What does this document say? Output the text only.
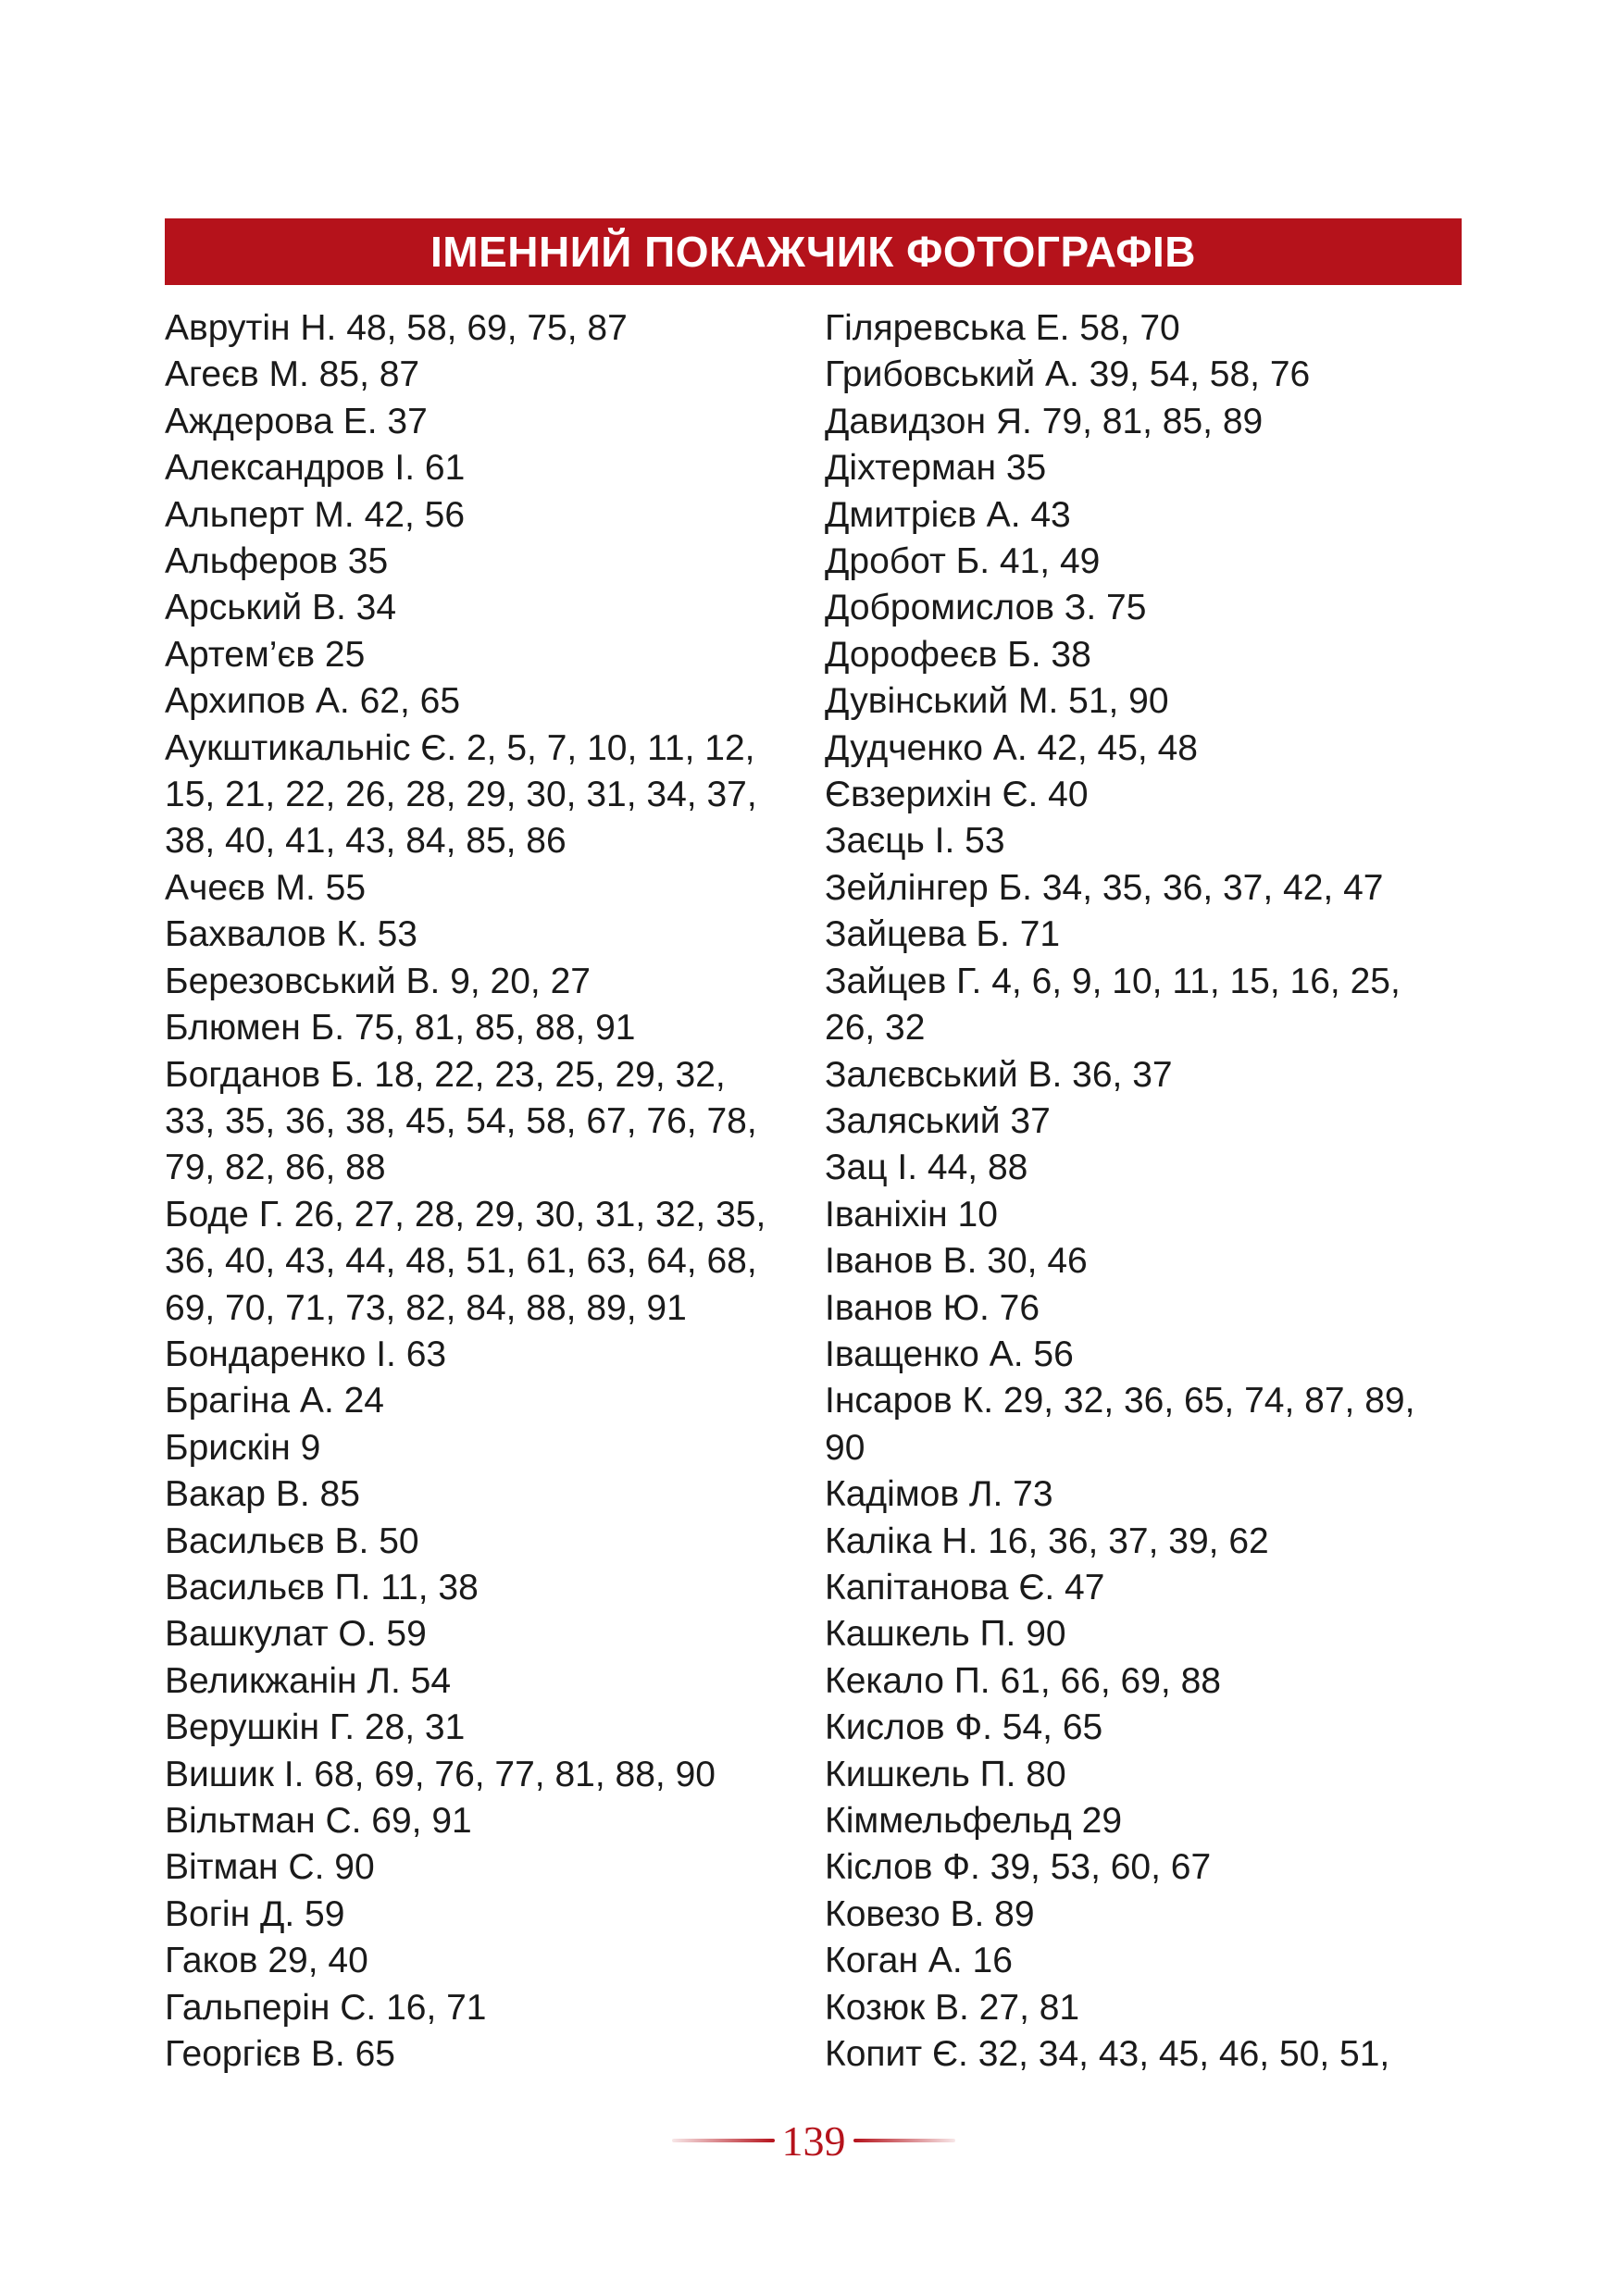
ІМЕННИЙ ПОКАЖЧИК ФОТОГРАФІВ
Аврутін Н. 48, 58, 69, 75, 87
Агеєв М. 85, 87
Аждерова Е. 37
Александров І. 61
Альперт М. 42, 56
Альферов 35
Арський В. 34
Артем’єв 25
Архипов А. 62, 65
Аукштикальніс Є. 2, 5, 7, 10, 11, 12,
15, 21, 22, 26, 28, 29, 30, 31, 34, 37,
38, 40, 41, 43, 84, 85, 86
Ачеєв М. 55
Бахвалов К. 53
Березовський В. 9, 20, 27
Блюмен Б. 75, 81, 85, 88, 91
Богданов Б. 18, 22, 23, 25, 29, 32,
33, 35, 36, 38, 45, 54, 58, 67, 76, 78,
79, 82, 86, 88
Боде Г. 26, 27, 28, 29, 30, 31, 32, 35,
36, 40, 43, 44, 48, 51, 61, 63, 64, 68,
69, 70, 71, 73, 82, 84, 88, 89, 91
Бондаренко І. 63
Брагіна А. 24
Брискін 9
Вакар В. 85
Васильєв В. 50
Васильєв П. 11, 38
Вашкулат О. 59
Великжанін Л. 54
Верушкін Г. 28, 31
Вишик І. 68, 69, 76, 77, 81, 88, 90
Вільтман С. 69, 91
Вітман С. 90
Вогін Д. 59
Гаков 29, 40
Гальперін С. 16, 71
Георгієв В. 65
Гіляревська Е. 58, 70
Грибовський А. 39, 54, 58, 76
Давидзон Я. 79, 81, 85, 89
Діхтерман 35
Дмитрієв А. 43
Дробот Б. 41, 49
Добромислов З. 75
Дорофеєв Б. 38
Дувінський М. 51, 90
Дудченко А. 42, 45, 48
Євзерихін Є. 40
Заєць І. 53
Зейлінгер Б. 34, 35, 36, 37, 42, 47
Зайцева Б. 71
Зайцев Г. 4, 6, 9, 10, 11, 15, 16, 25,
26, 32
Залєвський В. 36, 37
Заляський 37
Зац І. 44, 88
Іваніхін 10
Іванов В. 30, 46
Іванов Ю. 76
Іващенко А. 56
Інсаров К. 29, 32, 36, 65, 74, 87, 89,
90
Кадімов Л. 73
Каліка Н. 16, 36, 37, 39, 62
Капітанова Є. 47
Кашкель П. 90
Кекало П. 61, 66, 69, 88
Кислов Ф. 54, 65
Кишкель П. 80
Кіммельфельд 29
Кіслов Ф. 39, 53, 60, 67
Ковезо В. 89
Коган А. 16
Козюк В. 27, 81
Копит Є. 32, 34, 43, 45, 46, 50, 51,
139
